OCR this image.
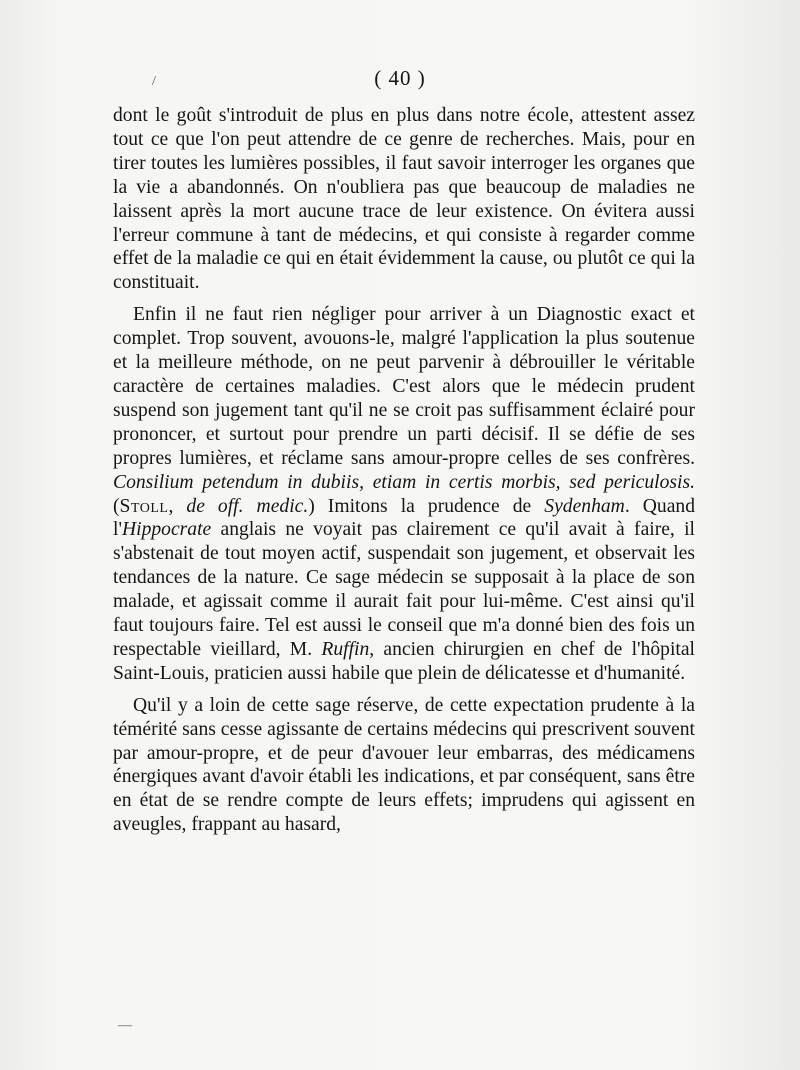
/
—
( 40 )

dont le goût s'introduit de plus en plus dans notre école, attestent assez tout ce que l'on peut attendre de ce genre de recherches. Mais, pour en tirer toutes les lumières possibles, il faut savoir interroger les organes que la vie a abandonnés. On n'oubliera pas que beaucoup de maladies ne laissent après la mort aucune trace de leur existence. On évitera aussi l'erreur commune à tant de médecins, et qui consiste à regarder comme effet de la maladie ce qui en était évidemment la cause, ou plutôt ce qui la constituait.

Enfin il ne faut rien négliger pour arriver à un Diagnostic exact et complet. Trop souvent, avouons-le, malgré l'application la plus soutenue et la meilleure méthode, on ne peut parvenir à débrouiller le véritable caractère de certaines maladies. C'est alors que le médecin prudent suspend son jugement tant qu'il ne se croit pas suffisamment éclairé pour prononcer, et surtout pour prendre un parti décisif. Il se défie de ses propres lumières, et réclame sans amour-propre celles de ses confrères. Consilium petendum in dubiis, etiam in certis morbis, sed periculosis. (Stoll, de off. medic.) Imitons la prudence de Sydenham. Quand l'Hippocrate anglais ne voyait pas clairement ce qu'il avait à faire, il s'abstenait de tout moyen actif, suspendait son jugement, et observait les tendances de la nature. Ce sage médecin se supposait à la place de son malade, et agissait comme il aurait fait pour lui-même. C'est ainsi qu'il faut toujours faire. Tel est aussi le conseil que m'a donné bien des fois un respectable vieillard, M. Ruffin, ancien chirurgien en chef de l'hôpital Saint-Louis, praticien aussi habile que plein de délicatesse et d'humanité.

Qu'il y a loin de cette sage réserve, de cette expectation prudente à la témérité sans cesse agissante de certains médecins qui prescrivent souvent par amour-propre, et de peur d'avouer leur embarras, des médicamens énergiques avant d'avoir établi les indications, et par conséquent, sans être en état de se rendre compte de leurs effets; imprudens qui agissent en aveugles, frappant au hasard,
